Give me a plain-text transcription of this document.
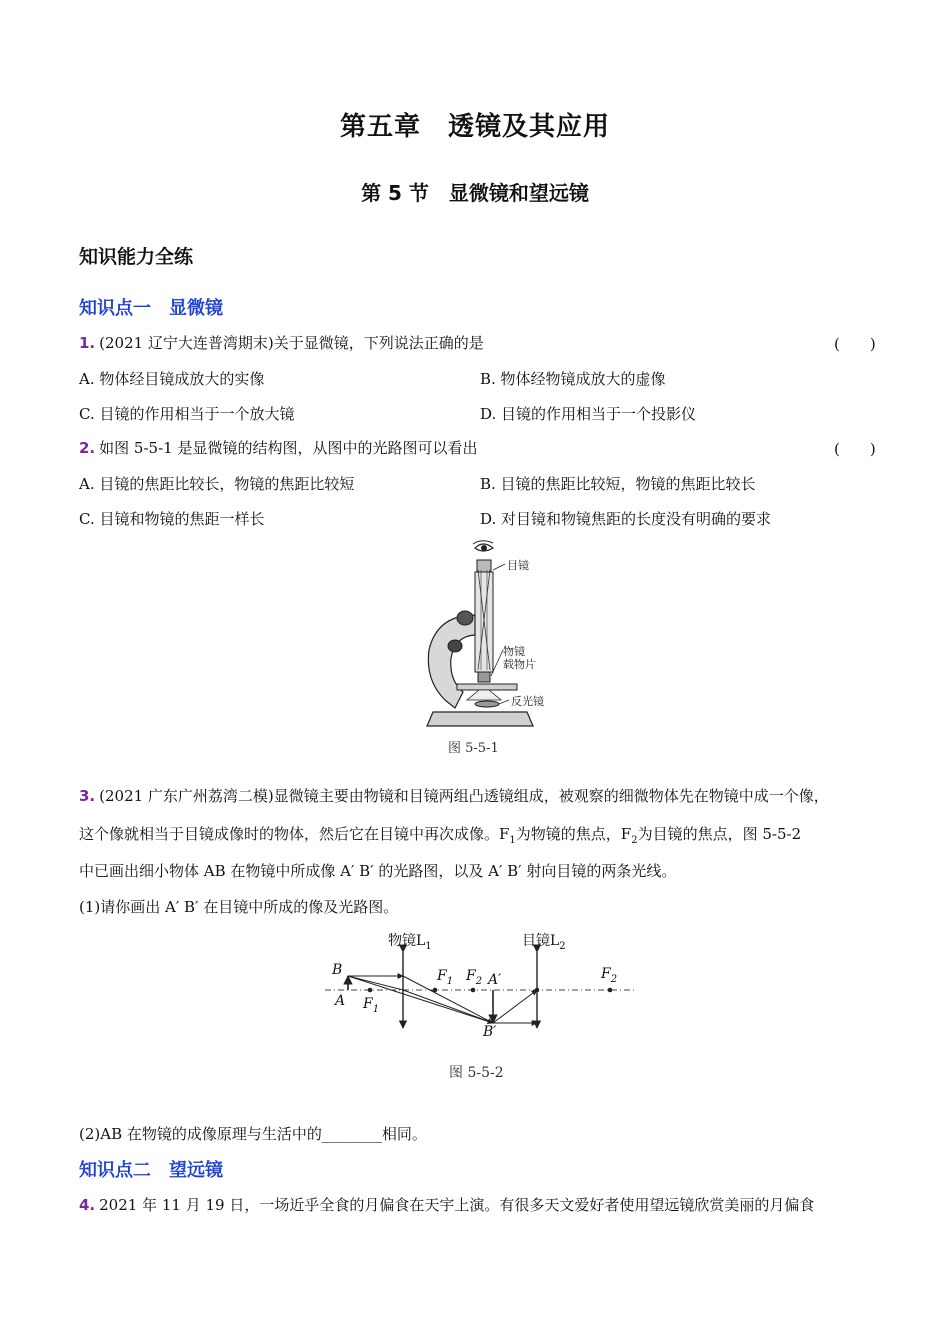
第五章　透镜及其应用
第 5 节　显微镜和望远镜
知识能力全练
知识点一　显微镜
1. (2021 辽宁大连普湾期末)关于显微镜，下列说法正确的是	(　　)
A. 物体经目镜成放大的实像	B. 物体经物镜成放大的虚像
C. 目镜的作用相当于一个放大镜	D. 目镜的作用相当于一个投影仪
2. 如图 5-5-1 是显微镜的结构图，从图中的光路图可以看出	(　　)
A. 目镜的焦距比较长，物镜的焦距比较短	B. 目镜的焦距比较短，物镜的焦距比较长
C. 目镜和物镜的焦距一样长	D. 对目镜和物镜焦距的长度没有明确的要求
目镜
物镜
载物片
反光镜
图 5-5-1
3. (2021 广东广州荔湾二模)显微镜主要由物镜和目镜两组凸透镜组成，被观察的细微物体先在物镜中成一个像，
这个像就相当于目镜成像时的物体，然后它在目镜中再次成像。$F_1$为物镜的焦点，$F_2$为目镜的焦点，图 5-5-2
中已画出细小物体 AB 在物镜中所成像 A′ B′ 的光路图，以及 A′ B′ 射向目镜的两条光线。
(1)请你画出 A′ B′ 在目镜中所成的像及光路图。
物镜$L_1$	目镜$L_2$
B
A $F_1$
$F_1$ $F_2$ A′
B′
$F_2$
图 5-5-2
(2)AB 在物镜的成像原理与生活中的________相同。
知识点二　望远镜
4. 2021 年 11 月 19 日，一场近乎全食的月偏食在天宇上演。有很多天文爱好者使用望远镜欣赏美丽的月偏食
